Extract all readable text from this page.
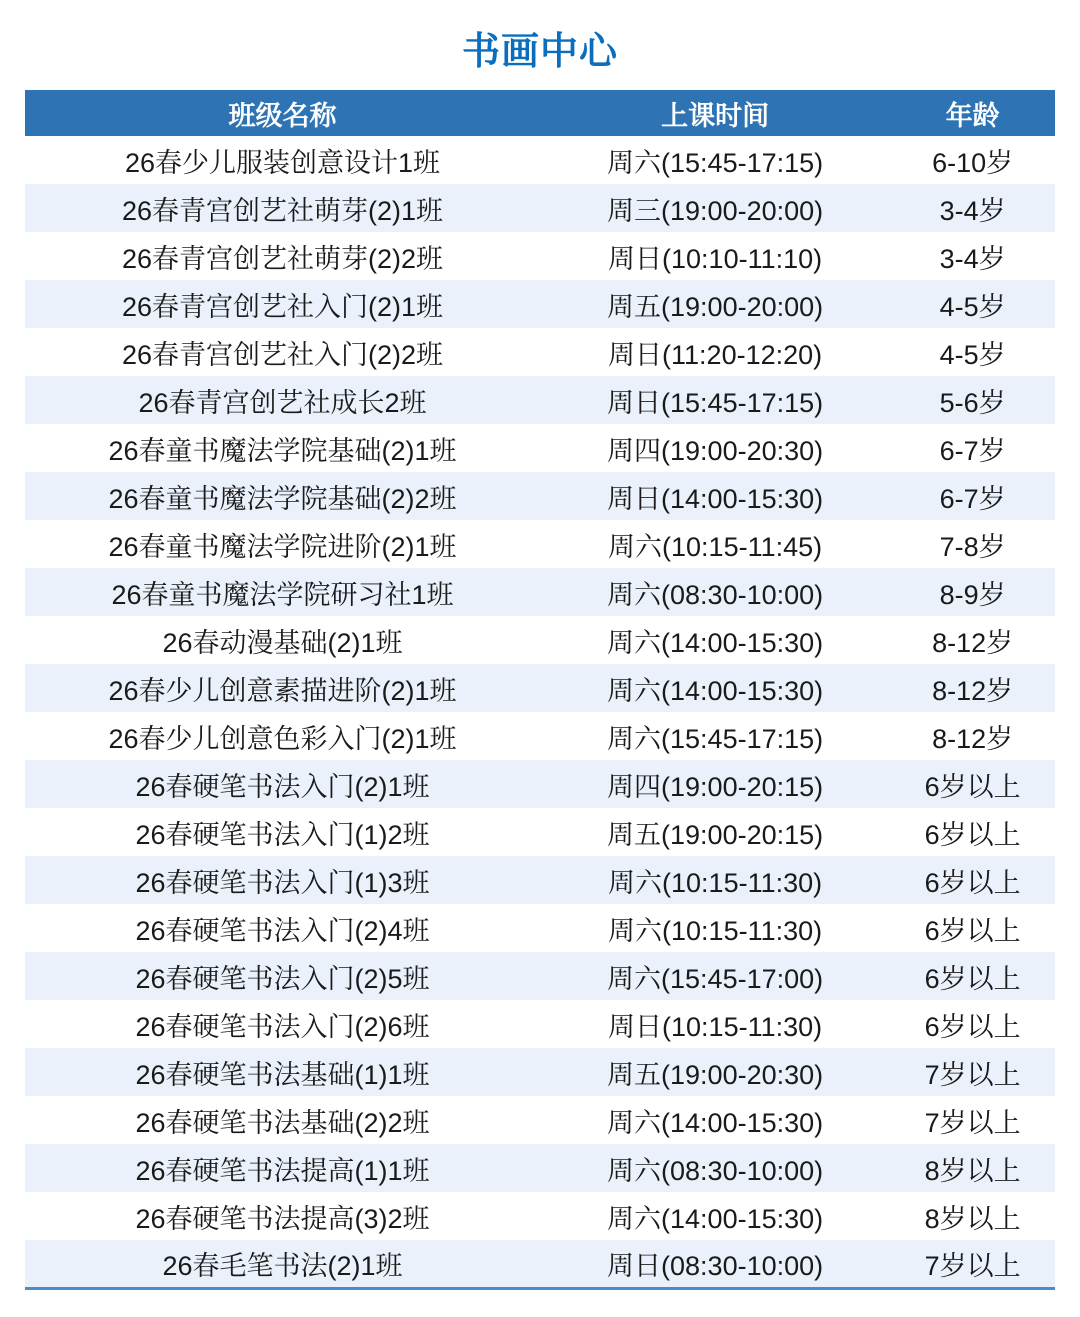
书画中心
班级名称	上课时间	年龄
26春少儿服装创意设计1班	周六(15:45-17:15)	6-10岁
26春青宫创艺社萌芽(2)1班	周三(19:00-20:00)	3-4岁
26春青宫创艺社萌芽(2)2班	周日(10:10-11:10)	3-4岁
26春青宫创艺社入门(2)1班	周五(19:00-20:00)	4-5岁
26春青宫创艺社入门(2)2班	周日(11:20-12:20)	4-5岁
26春青宫创艺社成长2班	周日(15:45-17:15)	5-6岁
26春童书魔法学院基础(2)1班	周四(19:00-20:30)	6-7岁
26春童书魔法学院基础(2)2班	周日(14:00-15:30)	6-7岁
26春童书魔法学院进阶(2)1班	周六(10:15-11:45)	7-8岁
26春童书魔法学院研习社1班	周六(08:30-10:00)	8-9岁
26春动漫基础(2)1班	周六(14:00-15:30)	8-12岁
26春少儿创意素描进阶(2)1班	周六(14:00-15:30)	8-12岁
26春少儿创意色彩入门(2)1班	周六(15:45-17:15)	8-12岁
26春硬笔书法入门(2)1班	周四(19:00-20:15)	6岁以上
26春硬笔书法入门(1)2班	周五(19:00-20:15)	6岁以上
26春硬笔书法入门(1)3班	周六(10:15-11:30)	6岁以上
26春硬笔书法入门(2)4班	周六(10:15-11:30)	6岁以上
26春硬笔书法入门(2)5班	周六(15:45-17:00)	6岁以上
26春硬笔书法入门(2)6班	周日(10:15-11:30)	6岁以上
26春硬笔书法基础(1)1班	周五(19:00-20:30)	7岁以上
26春硬笔书法基础(2)2班	周六(14:00-15:30)	7岁以上
26春硬笔书法提高(1)1班	周六(08:30-10:00)	8岁以上
26春硬笔书法提高(3)2班	周六(14:00-15:30)	8岁以上
26春毛笔书法(2)1班	周日(08:30-10:00)	7岁以上
